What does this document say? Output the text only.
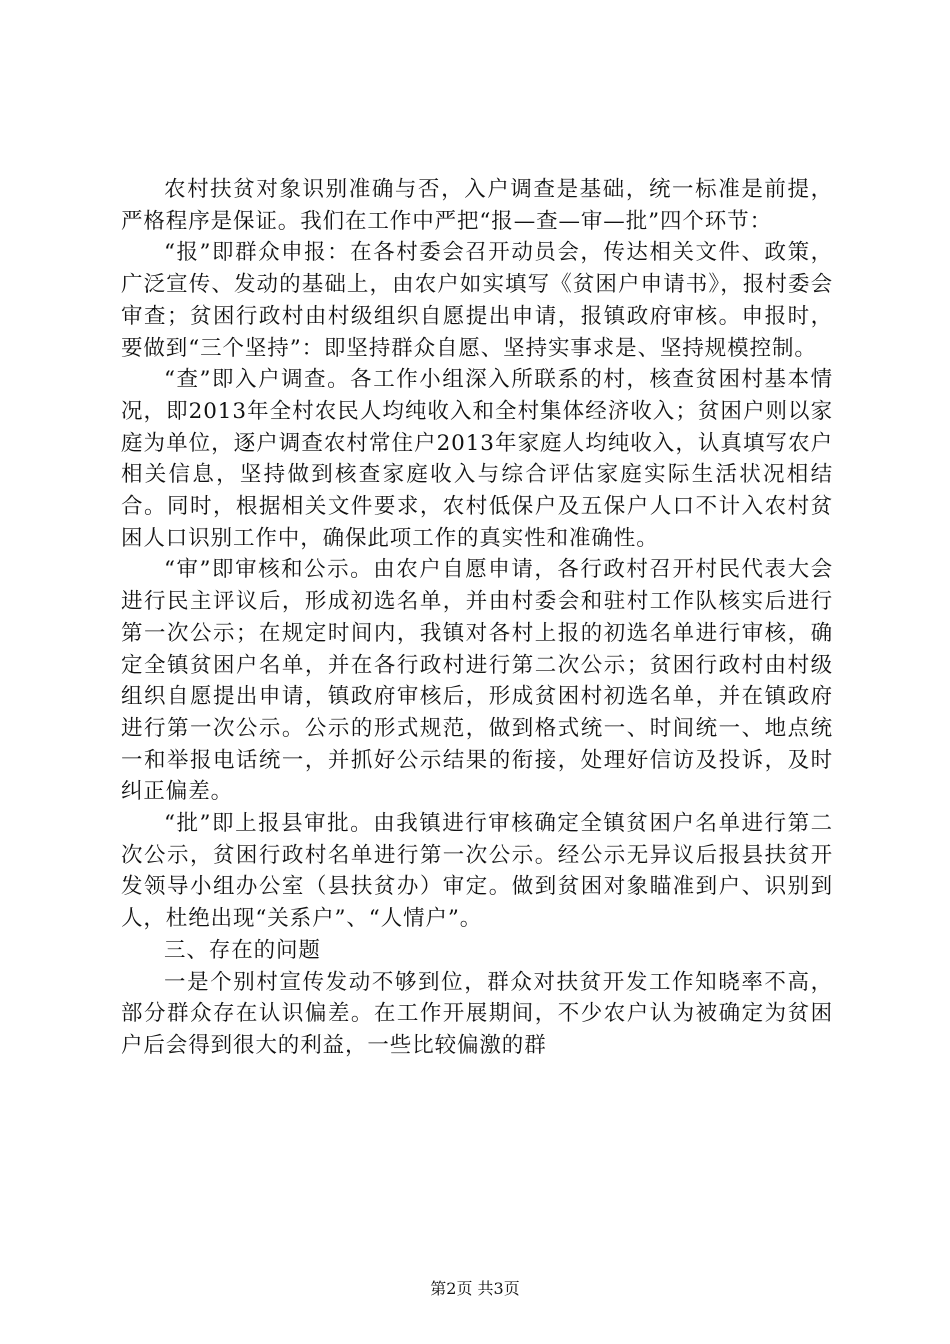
农村扶贫对象识别准确与否，入户调查是基础，统一标准是前提，严格程序是保证。我们在工作中严把“报—查—审—批”四个环节：

“报”即群众申报：在各村委会召开动员会，传达相关文件、政策，广泛宣传、发动的基础上，由农户如实填写《贫困户申请书》，报村委会审查；贫困行政村由村级组织自愿提出申请，报镇政府审核。申报时，要做到“三个坚持”：即坚持群众自愿、坚持实事求是、坚持规模控制。

“查”即入户调查。各工作小组深入所联系的村，核查贫困村基本情况，即2013年全村农民人均纯收入和全村集体经济收入；贫困户则以家庭为单位，逐户调查农村常住户2013年家庭人均纯收入，认真填写农户相关信息，坚持做到核查家庭收入与综合评估家庭实际生活状况相结合。同时，根据相关文件要求，农村低保户及五保户人口不计入农村贫困人口识别工作中，确保此项工作的真实性和准确性。

“审”即审核和公示。由农户自愿申请，各行政村召开村民代表大会进行民主评议后，形成初选名单，并由村委会和驻村工作队核实后进行第一次公示；在规定时间内，我镇对各村上报的初选名单进行审核，确定全镇贫困户名单，并在各行政村进行第二次公示；贫困行政村由村级组织自愿提出申请，镇政府审核后，形成贫困村初选名单，并在镇政府进行第一次公示。公示的形式规范，做到格式统一、时间统一、地点统一和举报电话统一，并抓好公示结果的衔接，处理好信访及投诉，及时纠正偏差。

“批”即上报县审批。由我镇进行审核确定全镇贫困户名单进行第二次公示，贫困行政村名单进行第一次公示。经公示无异议后报县扶贫开发领导小组办公室（县扶贫办）审定。做到贫困对象瞄准到户、识别到人，杜绝出现“关系户”、“人情户”。

三、存在的问题

一是个别村宣传发动不够到位，群众对扶贫开发工作知晓率不高，部分群众存在认识偏差。在工作开展期间，不少农户认为被确定为贫困户后会得到很大的利益，一些比较偏激的群

第2页 共3页
